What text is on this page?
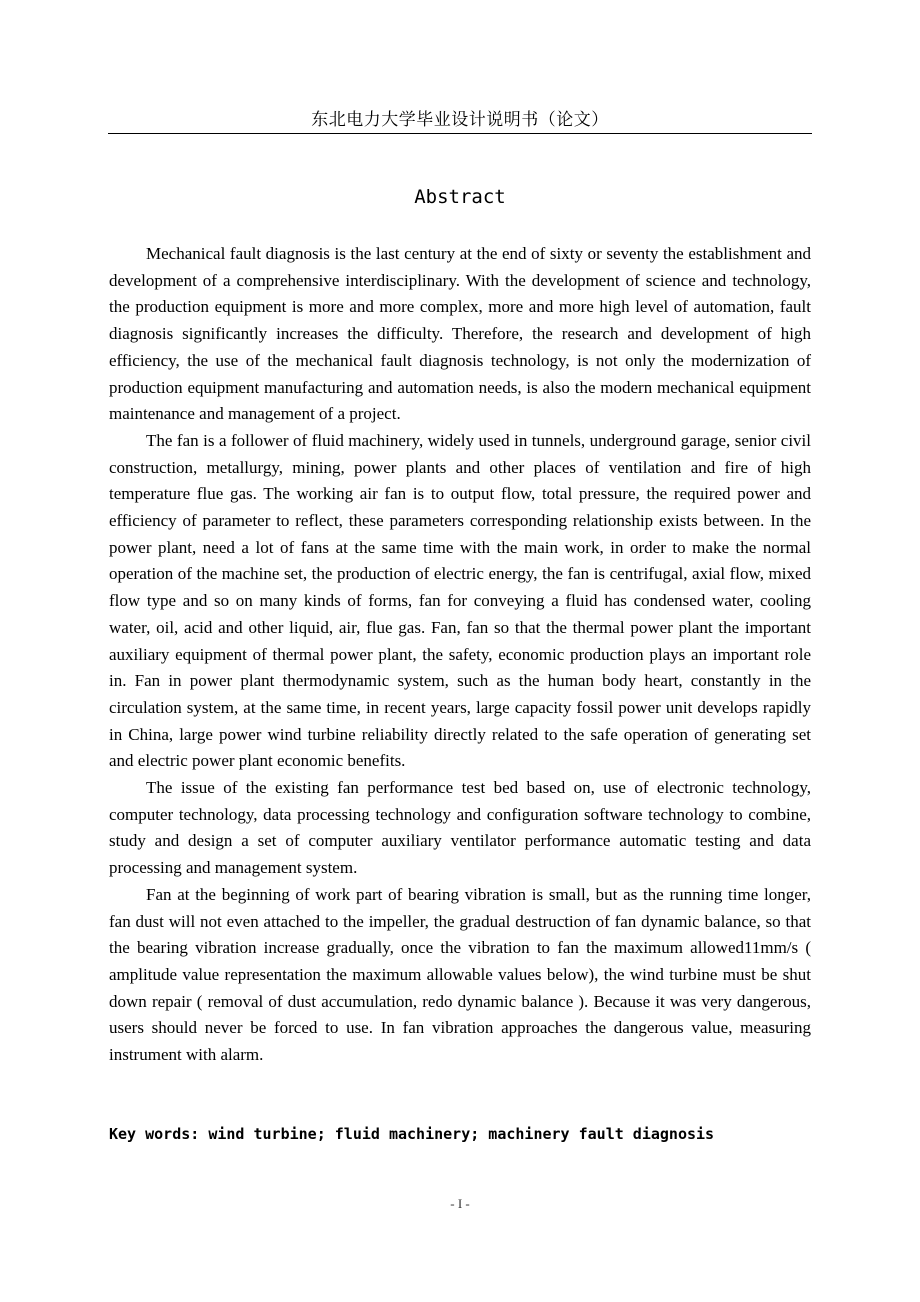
东北电力大学毕业设计说明书（论文）
Abstract

Mechanical fault diagnosis is the last century at the end of sixty or seventy the establishment and development of a comprehensive interdisciplinary. With the development of science and technology, the production equipment is more and more complex, more and more high level of automation, fault diagnosis significantly increases the difficulty. Therefore, the research and development of high efficiency, the use of the mechanical fault diagnosis technology, is not only the modernization of production equipment manufacturing and automation needs, is also the modern mechanical equipment maintenance and management of a project.

The fan is a follower of fluid machinery, widely used in tunnels, underground garage, senior civil construction, metallurgy, mining, power plants and other places of ventilation and fire of high temperature flue gas. The working air fan is to output flow, total pressure, the required power and efficiency of parameter to reflect, these parameters corresponding relationship exists between. In the power plant, need a lot of fans at the same time with the main work, in order to make the normal operation of the machine set, the production of electric energy, the fan is centrifugal, axial flow, mixed flow type and so on many kinds of forms, fan for conveying a fluid has condensed water, cooling water, oil, acid and other liquid, air, flue gas. Fan, fan so that the thermal power plant the important auxiliary equipment of thermal power plant, the safety, economic production plays an important role in. Fan in power plant thermodynamic system, such as the human body heart, constantly in the circulation system, at the same time, in recent years, large capacity fossil power unit develops rapidly in China, large power wind turbine reliability directly related to the safe operation of generating set and electric power plant economic benefits.

The issue of the existing fan performance test bed based on, use of electronic technology, computer technology, data processing technology and configuration software technology to combine, study and design a set of computer auxiliary ventilator performance automatic testing and data processing and management system.

Fan at the beginning of work part of bearing vibration is small, but as the running time longer, fan dust will not even attached to the impeller, the gradual destruction of fan dynamic balance, so that the bearing vibration increase gradually, once the vibration to fan the maximum allowed11mm/s ( amplitude value representation the maximum allowable values below), the wind turbine must be shut down repair ( removal of dust accumulation, redo dynamic balance ). Because it was very dangerous, users should never be forced to use. In fan vibration approaches the dangerous value, measuring instrument with alarm.

Key words: wind turbine; fluid machinery; machinery fault diagnosis
- I -
